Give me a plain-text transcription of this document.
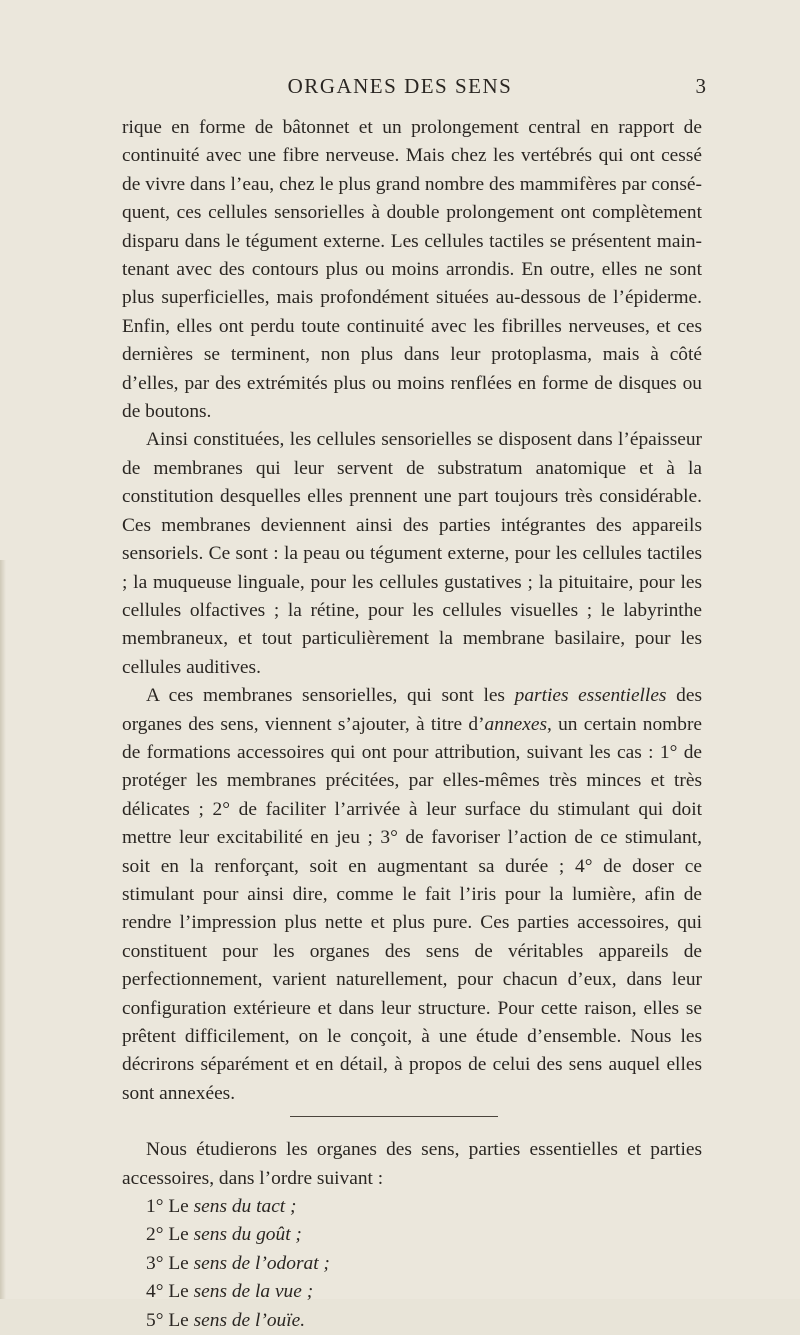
ORGANES DES SENS	3

rique en forme de bâtonnet et un prolongement central en rapport de continuité avec une fibre nerveuse. Mais chez les vertébrés qui ont cessé de vivre dans l’eau, chez le plus grand nombre des mammifères par conséquent, ces cellules sensorielles à double prolongement ont complètement disparu dans le tégument externe. Les cellules tactiles se présentent maintenant avec des contours plus ou moins arrondis. En outre, elles ne sont plus superficielles, mais profondément situées au-dessous de l’épiderme. Enfin, elles ont perdu toute continuité avec les fibrilles nerveuses, et ces dernières se terminent, non plus dans leur protoplasma, mais à côté d’elles, par des extrémités plus ou moins renflées en forme de disques ou de boutons.

Ainsi constituées, les cellules sensorielles se disposent dans l’épaisseur de membranes qui leur servent de substratum anatomique et à la constitution desquelles elles prennent une part toujours très considérable. Ces membranes deviennent ainsi des parties intégrantes des appareils sensoriels. Ce sont : la peau ou tégument externe, pour les cellules tactiles ; la muqueuse linguale, pour les cellules gustatives ; la pituitaire, pour les cellules olfactives ; la rétine, pour les cellules visuelles ; le labyrinthe membraneux, et tout particulièrement la membrane basilaire, pour les cellules auditives.

A ces membranes sensorielles, qui sont les parties essentielles des organes des sens, viennent s’ajouter, à titre d’annexes, un certain nombre de formations accessoires qui ont pour attribution, suivant les cas : 1° de protéger les membranes précitées, par elles-mêmes très minces et très délicates ; 2° de faciliter l’arrivée à leur surface du stimulant qui doit mettre leur excitabilité en jeu ; 3° de favoriser l’action de ce stimulant, soit en la renforçant, soit en augmentant sa durée ; 4° de doser ce stimulant pour ainsi dire, comme le fait l’iris pour la lumière, afin de rendre l’impression plus nette et plus pure. Ces parties accessoires, qui constituent pour les organes des sens de véritables appareils de perfectionnement, varient naturellement, pour chacun d’eux, dans leur configuration extérieure et dans leur structure. Pour cette raison, elles se prêtent difficilement, on le conçoit, à une étude d’ensemble. Nous les décrirons séparément et en détail, à propos de celui des sens auquel elles sont annexées.

Nous étudierons les organes des sens, parties essentielles et parties accessoires, dans l’ordre suivant :

1° Le sens du tact ;
2° Le sens du goût ;
3° Le sens de l’odorat ;
4° Le sens de la vue ;
5° Le sens de l’ouïe.
